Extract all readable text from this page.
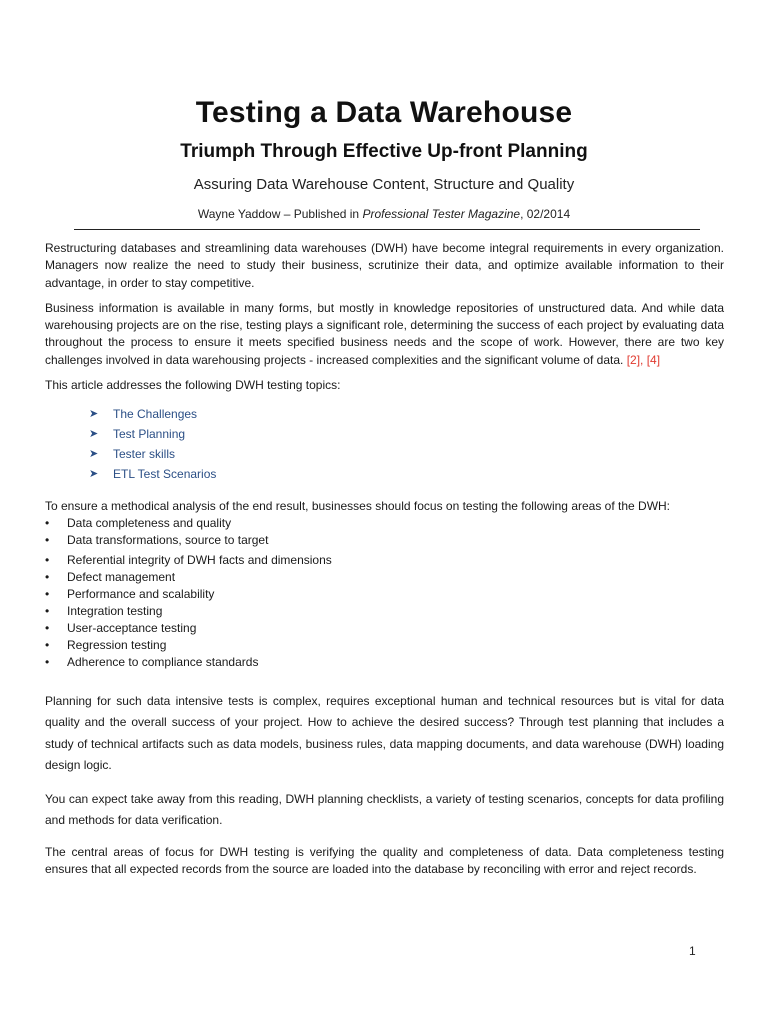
Testing a Data Warehouse
Triumph Through Effective Up-front Planning
Assuring Data Warehouse Content, Structure and Quality
Wayne Yaddow – Published in Professional Tester Magazine, 02/2014

Restructuring databases and streamlining data warehouses (DWH) have become integral requirements in every organization. Managers now realize the need to study their business, scrutinize their data, and optimize available information to their advantage, in order to stay competitive.

Business information is available in many forms, but mostly in knowledge repositories of unstructured data. And while data warehousing projects are on the rise, testing plays a significant role, determining the success of each project by evaluating data throughout the process to ensure it meets specified business needs and the scope of work. However, there are two key challenges involved in data warehousing projects - increased complexities and the significant volume of data. [2], [4]

This article addresses the following DWH testing topics:

➤	The Challenges
➤	Test Planning
➤	Tester skills
➤	ETL Test Scenarios

To ensure a methodical analysis of the end result, businesses should focus on testing the following areas of the DWH:

•	Data completeness and quality
•	Data transformations, source to target
•	Referential integrity of DWH facts and dimensions
•	Defect management
•	Performance and scalability
•	Integration testing
•	User-acceptance testing
•	Regression testing
•	Adherence to compliance standards

Planning for such data intensive tests is complex, requires exceptional human and technical resources but is vital for data quality and the overall success of your project. How to achieve the desired success? Through test planning that includes a study of technical artifacts such as data models, business rules, data mapping documents, and data warehouse (DWH) loading design logic.

You can expect take away from this reading, DWH planning checklists, a variety of testing scenarios, concepts for data profiling and methods for data verification.

The central areas of focus for DWH testing is verifying the quality and completeness of data. Data completeness testing ensures that all expected records from the source are loaded into the database by reconciling with error and reject records.

1
